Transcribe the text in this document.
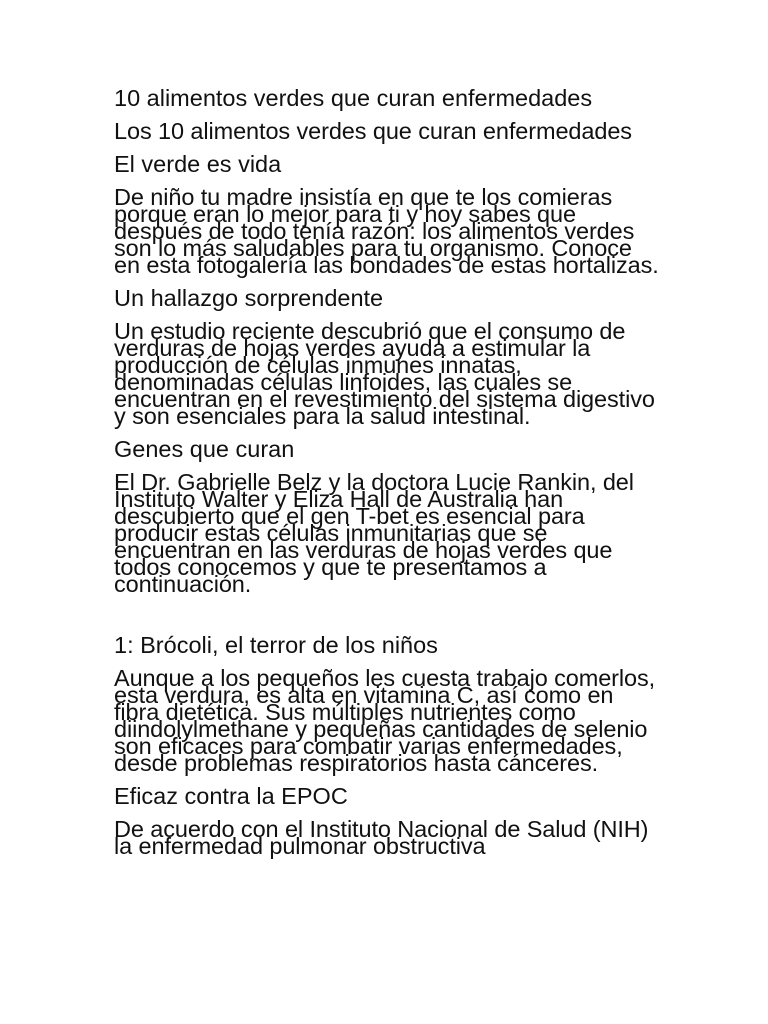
10 alimentos verdes que curan enfermedades
Los 10 alimentos verdes que curan enfermedades
El verde es vida
De niño tu madre insistía en que te los comieras porque eran lo mejor para ti y hoy sabes que después de todo tenía razón: los alimentos verdes son lo más saludables para tu organismo. Conoce en esta fotogalería las bondades de estas hortalizas.
Un hallazgo sorprendente
Un estudio reciente descubrió que el consumo de verduras de hojas verdes ayuda a estimular la producción de células inmunes innatas, denominadas células linfoides, las cuales se encuentran en el revestimiento del sistema digestivo y son esenciales para la salud intestinal.
Genes que curan
El Dr. Gabrielle Belz y la doctora Lucie Rankin, del Instituto Walter y Eliza Hall de Australia han descubierto que el gen T-bet es esencial para producir estas células inmunitarias que se encuentran en las verduras de hojas verdes que todos conocemos y que te presentamos a continuación.
1: Brócoli, el terror de los niños
Aunque a los pequeños les cuesta trabajo comerlos, esta verdura, es alta en vitamina C, así como en fibra dietética. Sus múltiples nutrientes como diindolylmethane y pequeñas cantidades de selenio son eficaces para combatir varias enfermedades, desde problemas respiratorios hasta cánceres.
Eficaz contra la EPOC
De acuerdo con el Instituto Nacional de Salud (NIH) la enfermedad pulmonar obstructiva
